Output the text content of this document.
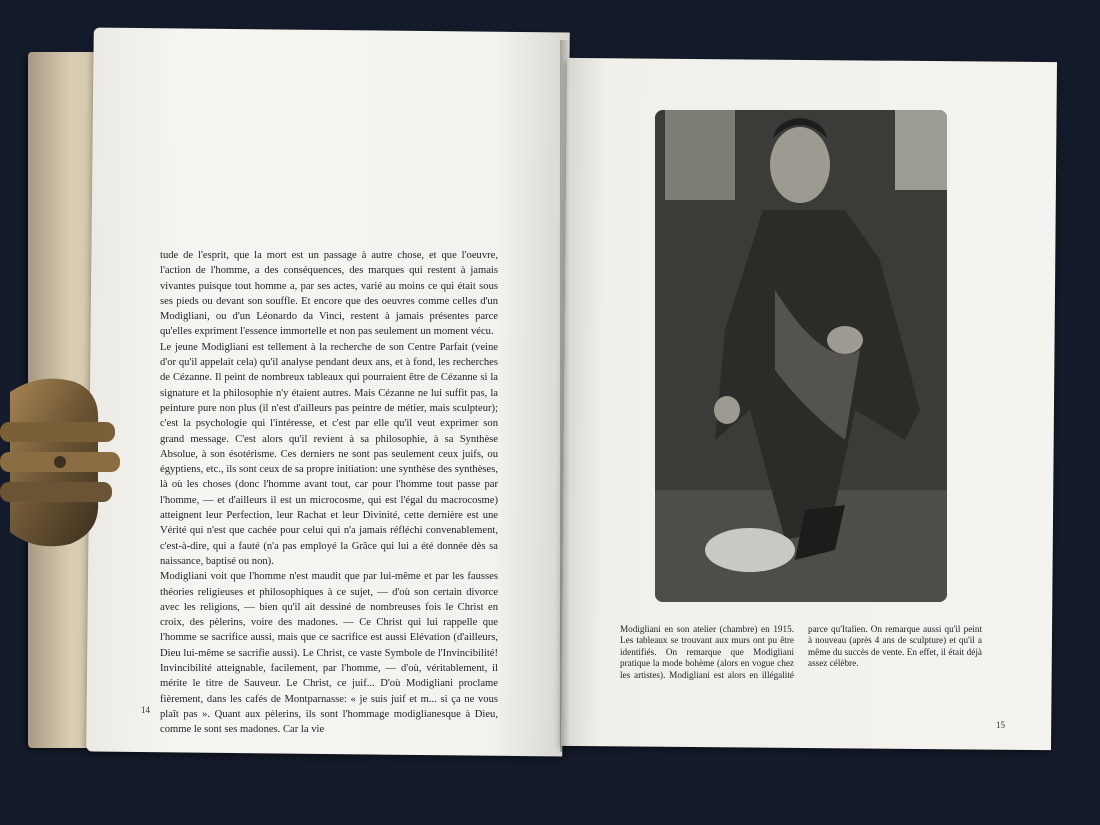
tude de l'esprit, que la mort est un passage à autre chose, et que l'oeuvre, l'action de l'homme, a des conséquences, des marques qui restent à jamais vivantes puisque tout homme a, par ses actes, varié au moins ce qui était sous ses pieds ou devant son souffle. Et encore que des oeuvres comme celles d'un Modigliani, ou d'un Léonardo da Vinci, restent à jamais présentes parce qu'elles expriment l'essence immortelle et non pas seulement un moment vécu.

Le jeune Modigliani est tellement à la recherche de son Centre Parfait (veine d'or qu'il appelait cela) qu'il analyse pendant deux ans, et à fond, les recherches de Cézanne. Il peint de nombreux tableaux qui pourraient être de Cézanne si la signature et la philosophie n'y étaient autres. Mais Cézanne ne lui suffit pas, la peinture pure non plus (il n'est d'ailleurs pas peintre de métier, mais sculpteur); c'est la psychologie qui l'intéresse, et c'est par elle qu'il veut exprimer son grand message. C'est alors qu'il revient à sa philosophie, à sa Synthèse Absolue, à son ésotérisme. Ces derniers ne sont pas seulement ceux juifs, ou égyptiens, etc., ils sont ceux de sa propre initiation: une synthèse des synthèses, là où les choses (donc l'homme avant tout, car pour l'homme tout passe par l'homme, — et d'ailleurs il est un microcosme, qui est l'égal du macrocosme) atteignent leur Perfection, leur Rachat et leur Divinité, cette dernière est une Vérité qui n'est que cachée pour celui qui n'a jamais réfléchi convenablement, c'est-à-dire, qui a fauté (n'a pas employé la Grâce qui lui a été donnée dès sa naissance, baptisé ou non).

Modigliani voit que l'homme n'est maudit que par lui-même et par les fausses théories religieuses et philosophiques à ce sujet, — d'où son certain divorce avec les religions, — bien qu'il ait dessiné de nombreuses fois le Christ en croix, des pèlerins, voire des madones. — Ce Christ qui lui rappelle que l'homme se sacrifice aussi, mais que ce sacrifice est aussi Elévation (d'ailleurs, Dieu lui-même se sacrifie aussi). Le Christ, ce vaste Symbole de l'Invincibilité! Invincibilité atteignable, facilement, par l'homme, — d'où, véritablement, il mérite le titre de Sauveur. Le Christ, ce juif... D'où Modigliani proclame fièrement, dans les cafés de Montparnasse: « je suis juif et m... si ça ne vous plaît pas ». Quant aux pèlerins, ils sont l'hommage modiglianesque à Dieu, comme le sont ses madones. Car la vie

14
Modigliani en son atelier (chambre) en 1915. Les tableaux se trouvant aux murs ont pu être identifiés. On remarque que Modigliani pratique la mode bohème (alors en vogue chez les artistes). Modigliani est alors en illégalité parce qu'Italien. On remarque aussi qu'il peint à nouveau (après 4 ans de sculpture) et qu'il a même du succès de vente. En effet, il était déjà assez célèbre.
15
